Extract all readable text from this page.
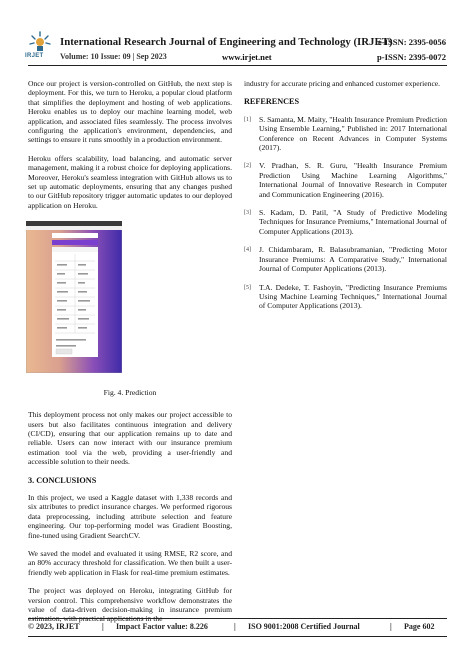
IRJET
International Research Journal of Engineering and Technology (IRJET)
e-ISSN: 2395-0056
Volume: 10 Issue: 09 | Sep 2023	www.irjet.net	p-ISSN: 2395-0072

Once our project is version-controlled on GitHub, the next step is deployment. For this, we turn to Heroku, a popular cloud platform that simplifies the deployment and hosting of web applications. Heroku enables us to deploy our machine learning model, web application, and associated files seamlessly. The process involves configuring the application's environment, dependencies, and settings to ensure it runs smoothly in a production environment.

Heroku offers scalability, load balancing, and automatic server management, making it a robust choice for deploying applications. Moreover, Heroku's seamless integration with GitHub allows us to set up automatic deployments, ensuring that any changes pushed to our GitHub repository trigger automatic updates to our deployed application on Heroku.

Fig. 4. Prediction

This deployment process not only makes our project accessible to users but also facilitates continuous integration and delivery (CI/CD), ensuring that our application remains up to date and reliable. Users can now interact with our insurance premium estimation tool via the web, providing a user-friendly and accessible solution to their needs.

3. CONCLUSIONS

In this project, we used a Kaggle dataset with 1,338 records and six attributes to predict insurance charges. We performed rigorous data preprocessing, including attribute selection and feature engineering. Our top-performing model was Gradient Boosting, fine-tuned using Gradient SearchCV.

We saved the model and evaluated it using RMSE, R2 score, and an 80% accuracy threshold for classification. We then built a user-friendly web application in Flask for real-time premium estimates.

The project was deployed on Heroku, integrating GitHub for version control. This comprehensive workflow demonstrates the value of data-driven decision-making in insurance premium estimation, with practical applications in the

industry for accurate pricing and enhanced customer experience.

REFERENCES
[1]	S. Samanta, M. Maity, "Health Insurance Premium Prediction Using Ensemble Learning," Published in: 2017 International Conference on Recent Advances in Computer Systems (2017).
[2]	V. Pradhan, S. R. Guru, "Health Insurance Premium Prediction Using Machine Learning Algorithms," International Journal of Innovative Research in Computer and Communication Engineering (2016).
[3]	S. Kadam, D. Patil, "A Study of Predictive Modeling Techniques for Insurance Premiums," International Journal of Computer Applications (2013).
[4]	J. Chidambaram, R. Balasubramanian, "Predicting Motor Insurance Premiums: A Comparative Study," International Journal of Computer Applications (2013).
[5]	T.A. Dedeke, T. Fashoyin, "Predicting Insurance Premiums Using Machine Learning Techniques," International Journal of Computer Applications (2013).
© 2023, IRJET	| Impact Factor value: 8.226	| ISO 9001:2008 Certified Journal	| Page 602
